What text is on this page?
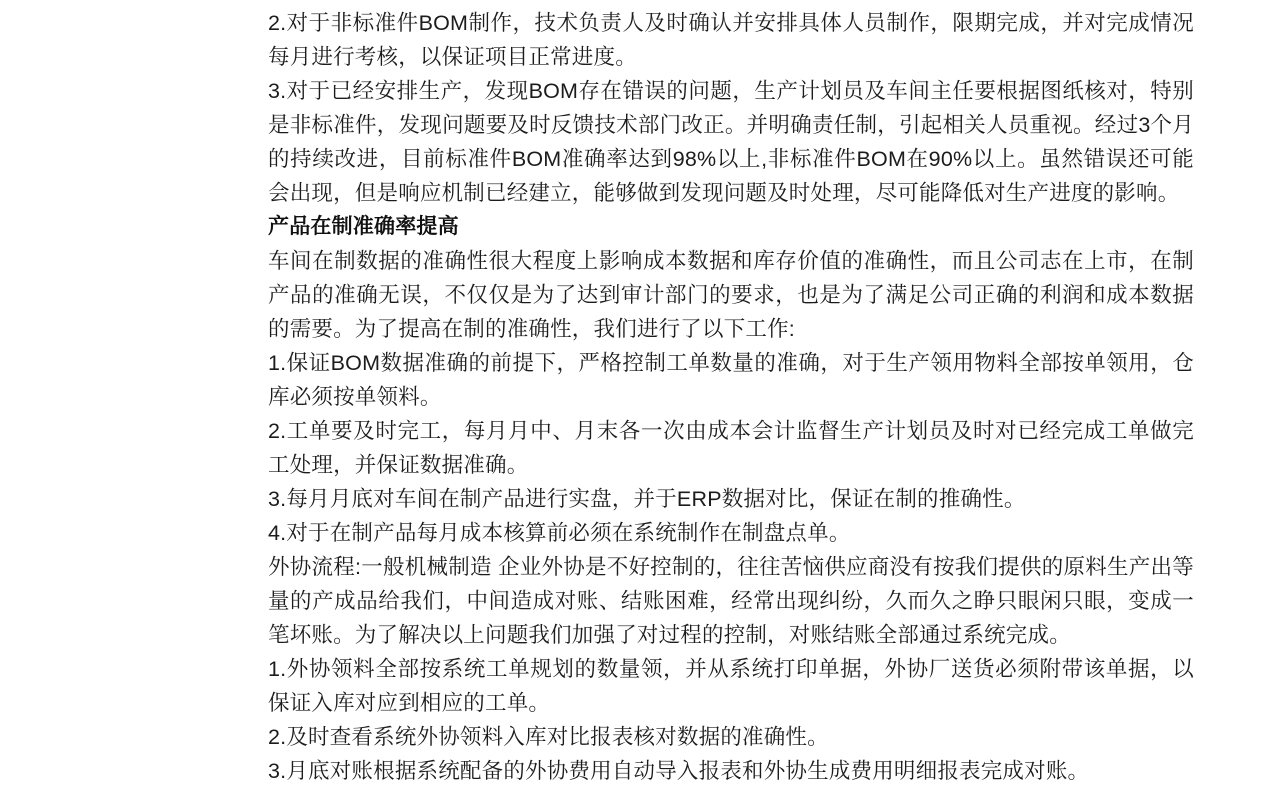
2.对于非标准件BOM制作，技术负责人及时确认并安排具体人员制作，限期完成，并对完成情况每月进行考核，以保证项目正常进度。

3.对于已经安排生产，发现BOM存在错误的问题，生产计划员及车间主任要根据图纸核对，特别是非标准件，发现问题要及时反馈技术部门改正。并明确责任制，引起相关人员重视。经过3个月的持续改进，目前标准件BOM准确率达到98%以上,非标准件BOM在90%以上。虽然错误还可能会出现，但是响应机制已经建立，能够做到发现问题及时处理，尽可能降低对生产进度的影响。

产品在制准确率提高

车间在制数据的准确性很大程度上影响成本数据和库存价值的准确性，而且公司志在上市，在制产品的准确无误，不仅仅是为了达到审计部门的要求，也是为了满足公司正确的利润和成本数据的需要。为了提高在制的准确性，我们进行了以下工作:

1.保证BOM数据准确的前提下，严格控制工单数量的准确，对于生产领用物料全部按单领用，仓库必须按单领料。

2.工单要及时完工，每月月中、月末各一次由成本会计监督生产计划员及时对已经完成工单做完工处理，并保证数据准确。

3.每月月底对车间在制产品进行实盘，并于ERP数据对比，保证在制的推确性。

4.对于在制产品每月成本核算前必须在系统制作在制盘点单。

外协流程:一般机械制造 企业外协是不好控制的，往往苦恼供应商没有按我们提供的原料生产出等量的产成品给我们，中间造成对账、结账困难，经常出现纠纷，久而久之睁只眼闲只眼，变成一笔坏账。为了解决以上问题我们加强了对过程的控制，对账结账全部通过系统完成。

1.外协领料全部按系统工单规划的数量领，并从系统打印单据，外协厂送货必须附带该单据，以保证入库对应到相应的工单。

2.及时查看系统外协领料入库对比报表核对数据的准确性。

3.月底对账根据系统配备的外协费用自动导入报表和外协生成费用明细报表完成对账。
